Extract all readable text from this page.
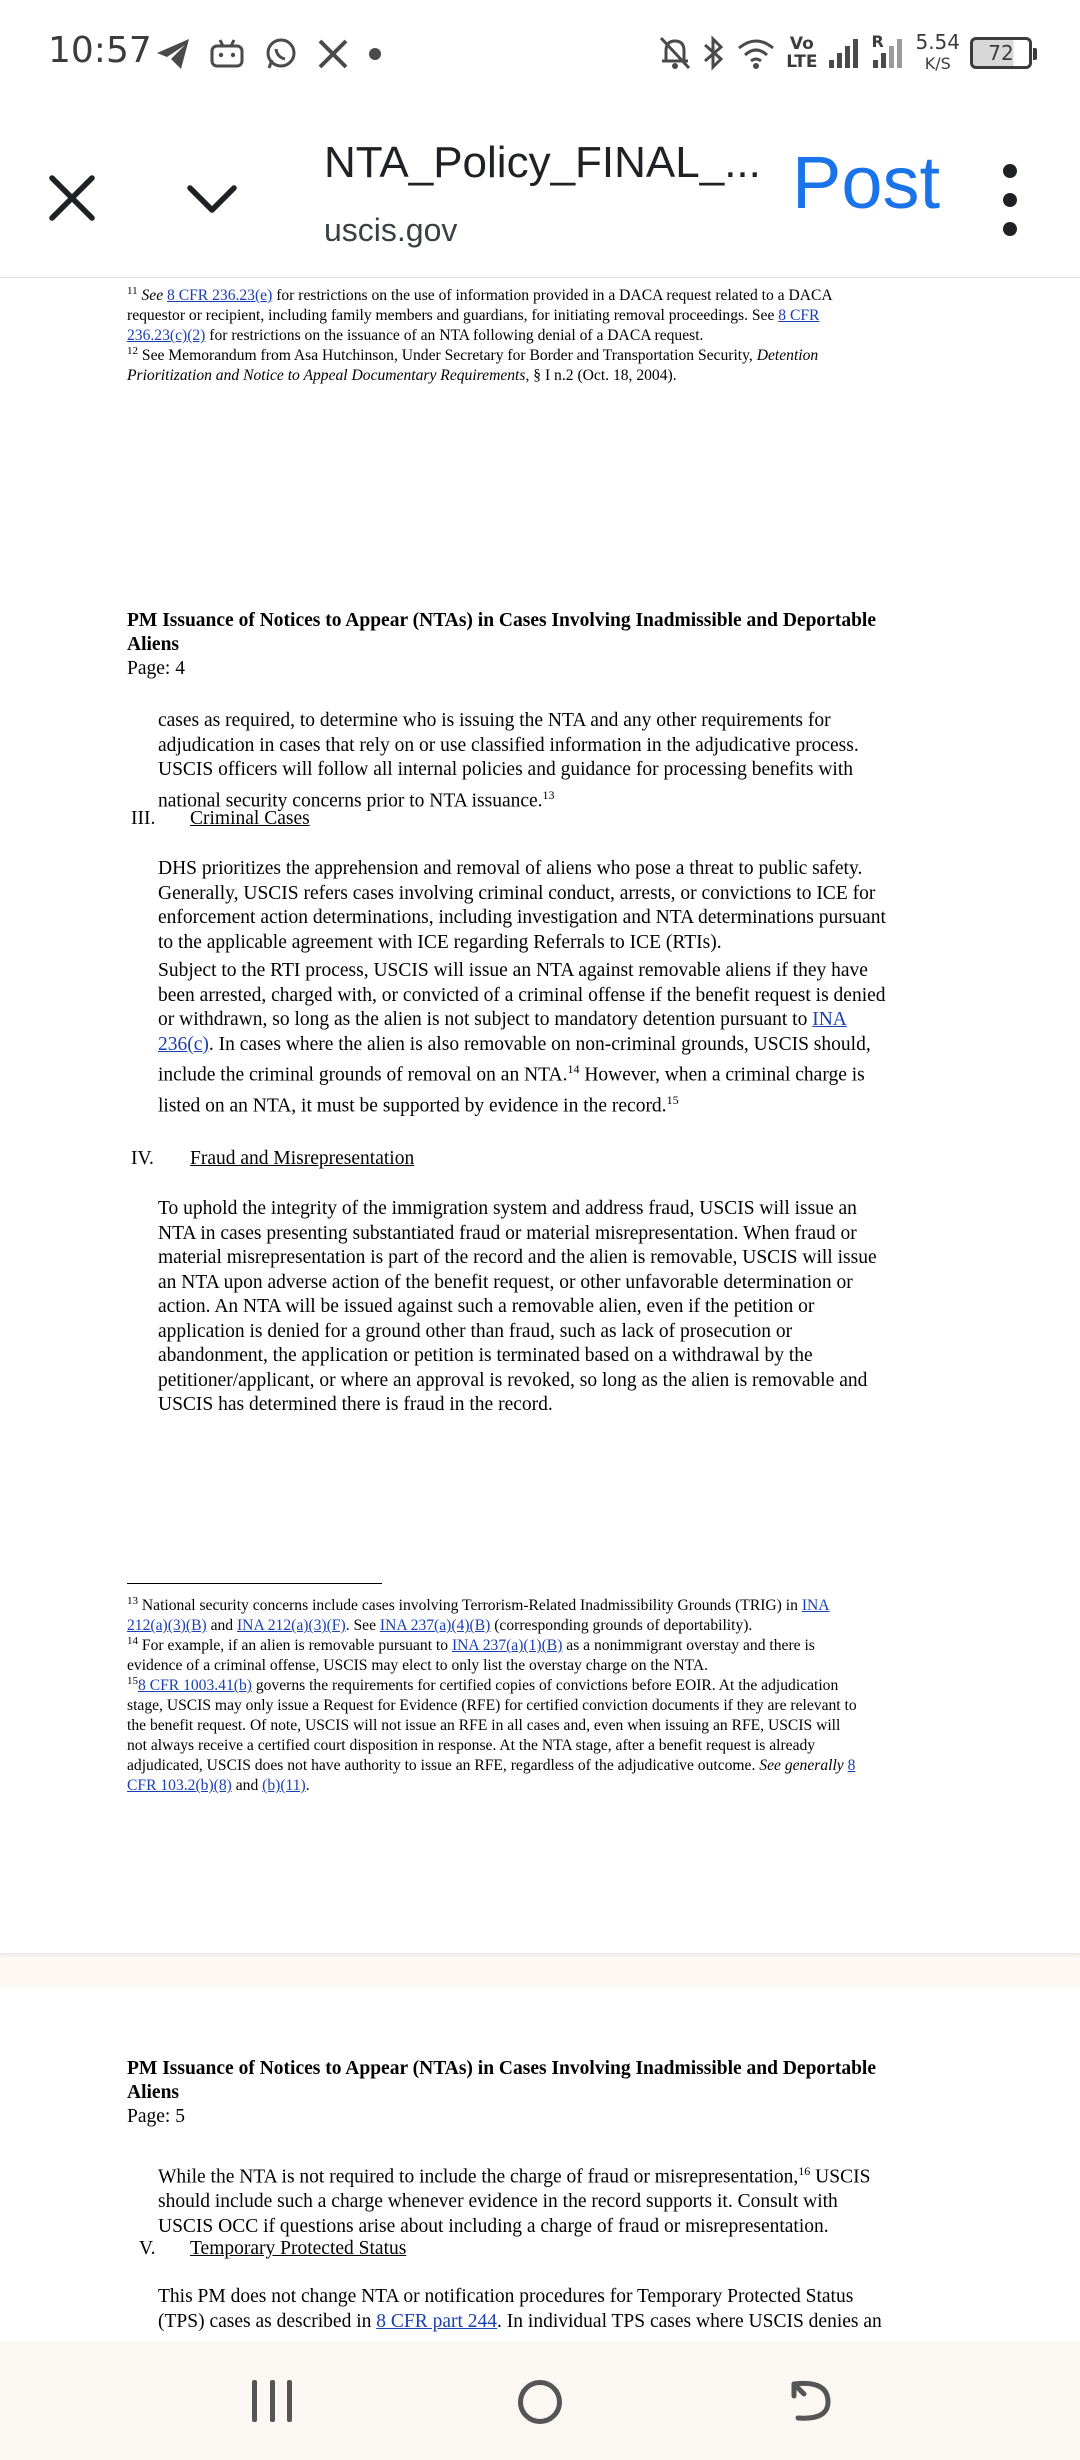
10:57	Vo
LTE
R 5.54
K/S	72
NTA_Policy_FINAL_...
uscis.gov
Post
$^{11}$ See 8 CFR 236.23(e) for restrictions on the use of information provided in a DACA request related to a DACA
requestor or recipient, including family members and guardians, for initiating removal proceedings. See 8 CFR
236.23(c)(2) for restrictions on the issuance of an NTA following denial of a DACA request.
$^{12}$ See Memorandum from Asa Hutchinson, Under Secretary for Border and Transportation Security, Detention
Prioritization and Notice to Appeal Documentary Requirements, § I n.2 (Oct. 18, 2004).
PM Issuance of Notices to Appear (NTAs) in Cases Involving Inadmissible and Deportable
Aliens
Page: 4
cases as required, to determine who is issuing the NTA and any other requirements for
adjudication in cases that rely on or use classified information in the adjudicative process.
USCIS officers will follow all internal policies and guidance for processing benefits with
national security concerns prior to NTA issuance.$^{13}$
III. Criminal Cases
DHS prioritizes the apprehension and removal of aliens who pose a threat to public safety.
Generally, USCIS refers cases involving criminal conduct, arrests, or convictions to ICE for
enforcement action determinations, including investigation and NTA determinations pursuant
to the applicable agreement with ICE regarding Referrals to ICE (RTIs).
Subject to the RTI process, USCIS will issue an NTA against removable aliens if they have
been arrested, charged with, or convicted of a criminal offense if the benefit request is denied
or withdrawn, so long as the alien is not subject to mandatory detention pursuant to INA
236(c). In cases where the alien is also removable on non-criminal grounds, USCIS should,
include the criminal grounds of removal on an NTA.$^{14}$ However, when a criminal charge is
listed on an NTA, it must be supported by evidence in the record.$^{15}$
IV. Fraud and Misrepresentation
To uphold the integrity of the immigration system and address fraud, USCIS will issue an
NTA in cases presenting substantiated fraud or material misrepresentation. When fraud or
material misrepresentation is part of the record and the alien is removable, USCIS will issue
an NTA upon adverse action of the benefit request, or other unfavorable determination or
action. An NTA will be issued against such a removable alien, even if the petition or
application is denied for a ground other than fraud, such as lack of prosecution or
abandonment, the application or petition is terminated based on a withdrawal by the
petitioner/applicant, or where an approval is revoked, so long as the alien is removable and
USCIS has determined there is fraud in the record.
$^{13}$ National security concerns include cases involving Terrorism-Related Inadmissibility Grounds (TRIG) in INA
212(a)(3)(B) and INA 212(a)(3)(F). See INA 237(a)(4)(B) (corresponding grounds of deportability).
$^{14}$ For example, if an alien is removable pursuant to INA 237(a)(1)(B) as a nonimmigrant overstay and there is
evidence of a criminal offense, USCIS may elect to only list the overstay charge on the NTA.
$^{15}$8 CFR 1003.41(b) governs the requirements for certified copies of convictions before EOIR. At the adjudication
stage, USCIS may only issue a Request for Evidence (RFE) for certified conviction documents if they are relevant to
the benefit request. Of note, USCIS will not issue an RFE in all cases and, even when issuing an RFE, USCIS will
not always receive a certified court disposition in response. At the NTA stage, after a benefit request is already
adjudicated, USCIS does not have authority to issue an RFE, regardless of the adjudicative outcome. See generally 8
CFR 103.2(b)(8) and (b)(11).
PM Issuance of Notices to Appear (NTAs) in Cases Involving Inadmissible and Deportable
Aliens
Page: 5
While the NTA is not required to include the charge of fraud or misrepresentation,$^{16}$ USCIS
should include such a charge whenever evidence in the record supports it. Consult with
USCIS OCC if questions arise about including a charge of fraud or misrepresentation.
V. Temporary Protected Status
This PM does not change NTA or notification procedures for Temporary Protected Status
(TPS) cases as described in 8 CFR part 244. In individual TPS cases where USCIS denies an
